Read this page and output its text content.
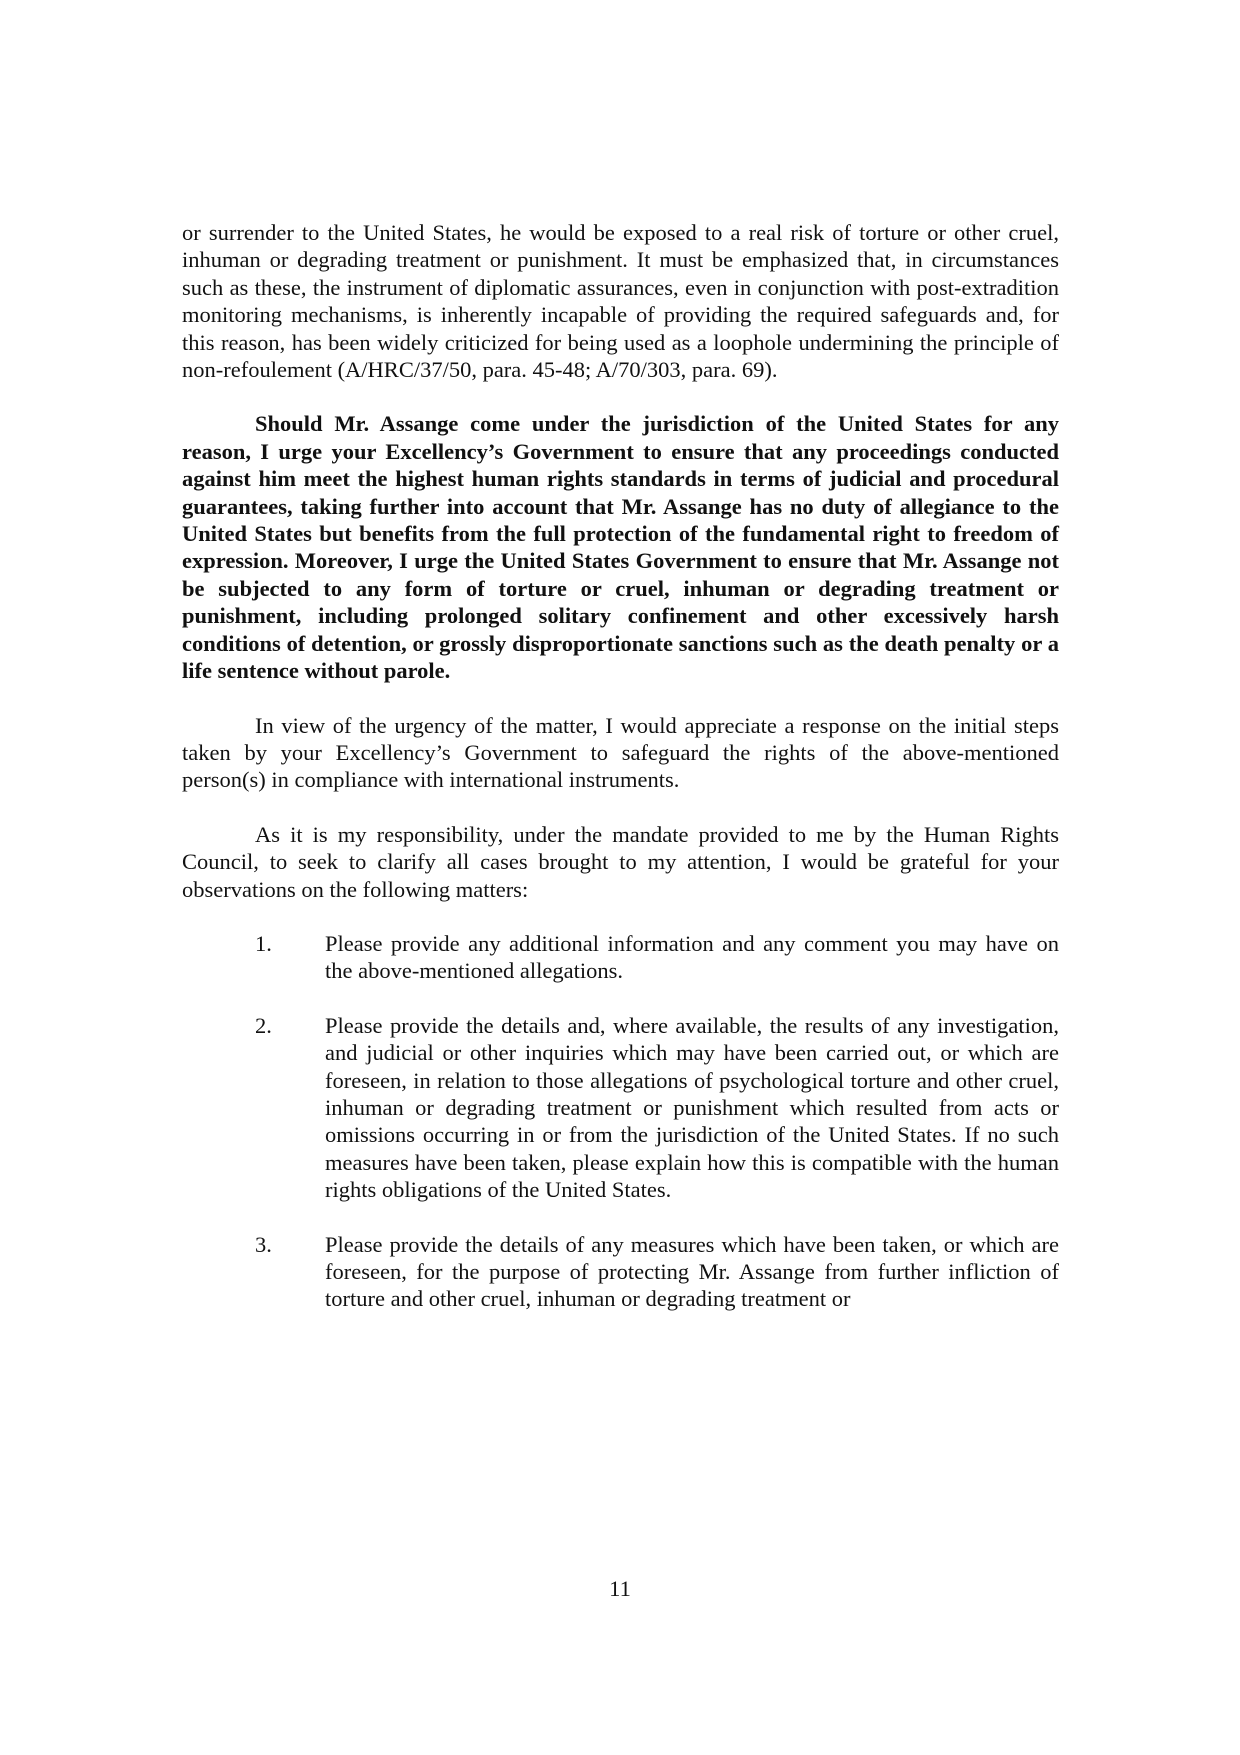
or surrender to the United States, he would be exposed to a real risk of torture or other cruel, inhuman or degrading treatment or punishment. It must be emphasized that, in circumstances such as these, the instrument of diplomatic assurances, even in conjunction with post-extradition monitoring mechanisms, is inherently incapable of providing the required safeguards and, for this reason, has been widely criticized for being used as a loophole undermining the principle of non-refoulement (A/HRC/37/50, para. 45-48; A/70/303, para. 69).

Should Mr. Assange come under the jurisdiction of the United States for any reason, I urge your Excellency’s Government to ensure that any proceedings conducted against him meet the highest human rights standards in terms of judicial and procedural guarantees, taking further into account that Mr. Assange has no duty of allegiance to the United States but benefits from the full protection of the fundamental right to freedom of expression. Moreover, I urge the United States Government to ensure that Mr. Assange not be subjected to any form of torture or cruel, inhuman or degrading treatment or punishment, including prolonged solitary confinement and other excessively harsh conditions of detention, or grossly disproportionate sanctions such as the death penalty or a life sentence without parole.

In view of the urgency of the matter, I would appreciate a response on the initial steps taken by your Excellency’s Government to safeguard the rights of the above-mentioned person(s) in compliance with international instruments.

As it is my responsibility, under the mandate provided to me by the Human Rights Council, to seek to clarify all cases brought to my attention, I would be grateful for your observations on the following matters:

1. Please provide any additional information and any comment you may have on the above-mentioned allegations.
2. Please provide the details and, where available, the results of any investigation, and judicial or other inquiries which may have been carried out, or which are foreseen, in relation to those allegations of psychological torture and other cruel, inhuman or degrading treatment or punishment which resulted from acts or omissions occurring in or from the jurisdiction of the United States. If no such measures have been taken, please explain how this is compatible with the human rights obligations of the United States.
3. Please provide the details of any measures which have been taken, or which are foreseen, for the purpose of protecting Mr. Assange from further infliction of torture and other cruel, inhuman or degrading treatment or
11
